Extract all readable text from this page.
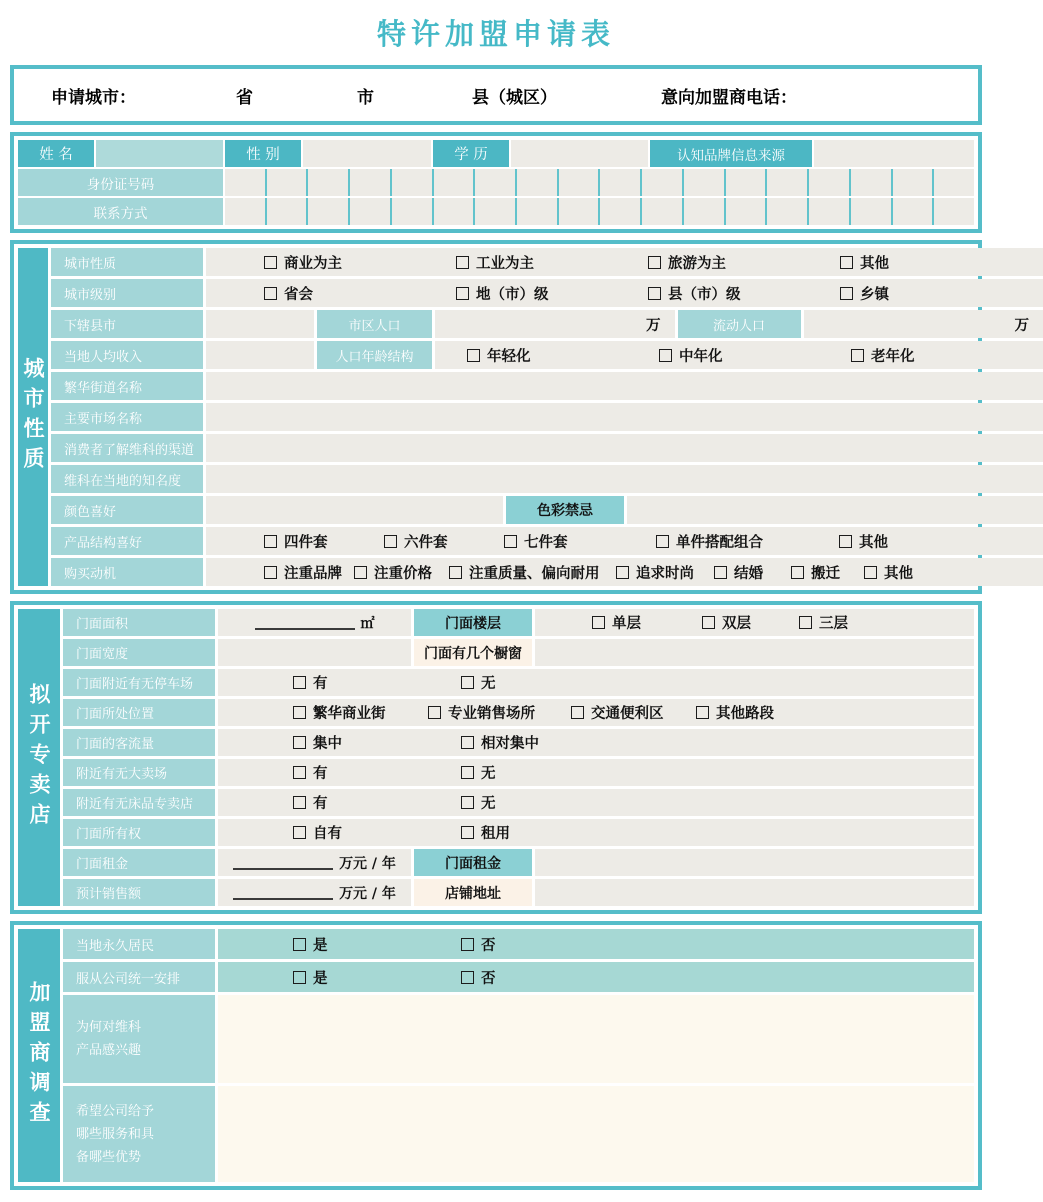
特许加盟申请表
申请城市：	省	市	县（城区）	意向加盟商电话：
姓 名	性 别	学 历	认知品牌信息来源
身份证号码
联系方式
城市性质
城市性质	商业为主	工业为主	旅游为主	其他
城市级别	省会	地（市）级	县（市）级	乡镇
下辖县市	市区人口	万	流动人口	万
当地人均收入	人口年龄结构	年轻化	中年化	老年化
繁华街道名称
主要市场名称
消费者了解维科的渠道
维科在当地的知名度
颜色喜好	色彩禁忌
产品结构喜好	四件套	六件套	七件套	单件搭配组合	其他
购买动机	注重品牌 注重价格	注重质量、偏向耐用	追求时尚	结婚	搬迁	其他
拟开专卖店
门面面积	㎡	门面楼层	单层	双层	三层
门面宽度	门面有几个橱窗
门面附近有无停车场	有	无
门面所处位置	繁华商业街	专业销售场所	交通便利区	其他路段
门面的客流量	集中	相对集中
附近有无大卖场	有	无
附近有无床品专卖店	有	无
门面所有权	自有	租用
门面租金	万元 / 年	门面租金
预计销售额	万元 / 年	店铺地址
加盟商调查
当地永久居民	是	否
服从公司统一安排	是	否
为何对维科
产品感兴趣
希望公司给予
哪些服务和具
备哪些优势
